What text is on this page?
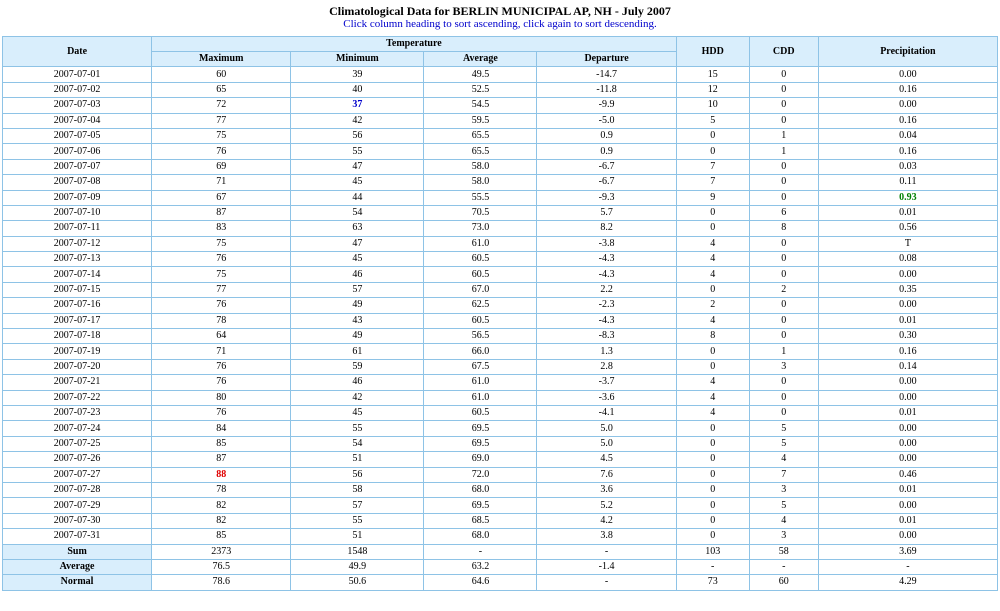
Climatological Data for BERLIN MUNICIPAL AP, NH - July 2007
Click column heading to sort ascending, click again to sort descending.
Date	Temperature				HDD	CDD	Precipitation
	Maximum	Minimum	Average	Departure			
2007-07-01	60	39	49.5	-14.7	15	0	0.00
2007-07-02	65	40	52.5	-11.8	12	0	0.16
2007-07-03	72	37	54.5	-9.9	10	0	0.00
2007-07-04	77	42	59.5	-5.0	5	0	0.16
2007-07-05	75	56	65.5	0.9	0	1	0.04
2007-07-06	76	55	65.5	0.9	0	1	0.16
2007-07-07	69	47	58.0	-6.7	7	0	0.03
2007-07-08	71	45	58.0	-6.7	7	0	0.11
2007-07-09	67	44	55.5	-9.3	9	0	0.93
2007-07-10	87	54	70.5	5.7	0	6	0.01
2007-07-11	83	63	73.0	8.2	0	8	0.56
2007-07-12	75	47	61.0	-3.8	4	0	T
2007-07-13	76	45	60.5	-4.3	4	0	0.08
2007-07-14	75	46	60.5	-4.3	4	0	0.00
2007-07-15	77	57	67.0	2.2	0	2	0.35
2007-07-16	76	49	62.5	-2.3	2	0	0.00
2007-07-17	78	43	60.5	-4.3	4	0	0.01
2007-07-18	64	49	56.5	-8.3	8	0	0.30
2007-07-19	71	61	66.0	1.3	0	1	0.16
2007-07-20	76	59	67.5	2.8	0	3	0.14
2007-07-21	76	46	61.0	-3.7	4	0	0.00
2007-07-22	80	42	61.0	-3.6	4	0	0.00
2007-07-23	76	45	60.5	-4.1	4	0	0.01
2007-07-24	84	55	69.5	5.0	0	5	0.00
2007-07-25	85	54	69.5	5.0	0	5	0.00
2007-07-26	87	51	69.0	4.5	0	4	0.00
2007-07-27	88	56	72.0	7.6	0	7	0.46
2007-07-28	78	58	68.0	3.6	0	3	0.01
2007-07-29	82	57	69.5	5.2	0	5	0.00
2007-07-30	82	55	68.5	4.2	0	4	0.01
2007-07-31	85	51	68.0	3.8	0	3	0.00
Sum	2373	1548	-	-	103	58	3.69
Average	76.5	49.9	63.2	-1.4	-	-	-
Normal	78.6	50.6	64.6	-	73	60	4.29
